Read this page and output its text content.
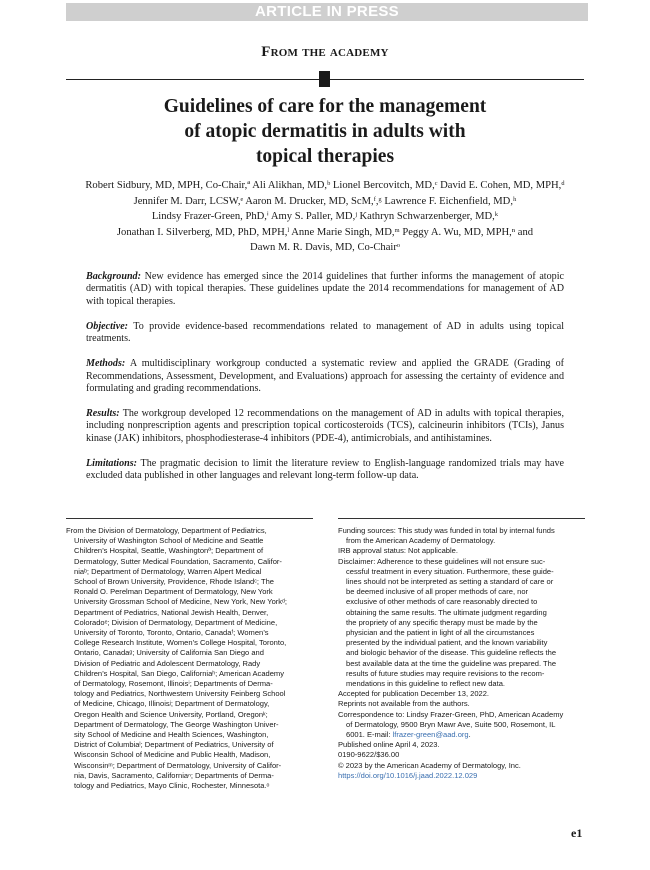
ARTICLE IN PRESS
From the academy
Guidelines of care for the management
of atopic dermatitis in adults with
topical therapies
Robert Sidbury, MD, MPH, Co-Chair,ª Ali Alikhan, MD,ᵇ Lionel Bercovitch, MD,ᶜ David E. Cohen, MD, MPH,ᵈ
Jennifer M. Darr, LCSW,ᵉ Aaron M. Drucker, MD, ScM,ᶠ,ᵍ Lawrence F. Eichenfield, MD,ʰ
Lindsy Frazer-Green, PhD,ⁱ Amy S. Paller, MD,ʲ Kathryn Schwarzenberger, MD,ᵏ
Jonathan I. Silverberg, MD, PhD, MPH,ˡ Anne Marie Singh, MD,ᵐ Peggy A. Wu, MD, MPH,ⁿ and
Dawn M. R. Davis, MD, Co-Chairᵒ

Background: New evidence has emerged since the 2014 guidelines that further informs the management of atopic dermatitis (AD) with topical therapies. These guidelines update the 2014 recommendations for management of AD with topical therapies.

Objective: To provide evidence-based recommendations related to management of AD in adults using topical treatments.

Methods: A multidisciplinary workgroup conducted a systematic review and applied the GRADE (Grading of Recommendations, Assessment, Development, and Evaluations) approach for assessing the certainty of evidence and formulating and grading recommendations.

Results: The workgroup developed 12 recommendations on the management of AD in adults with topical therapies, including nonprescription agents and prescription topical corticosteroids (TCS), calcineurin inhibitors (TCIs), Janus kinase (JAK) inhibitors, phosphodiesterase-4 inhibitors (PDE-4), antimicrobials, and antihistamines.

Limitations: The pragmatic decision to limit the literature review to English-language randomized trials may have excluded data published in other languages and relevant long-term follow-up data.

From the Division of Dermatology, Department of Pediatrics,
University of Washington School of Medicine and Seattle
Children’s Hospital, Seattle, Washingtonª; Department of
Dermatology, Sutter Medical Foundation, Sacramento, Califor-
niaᵇ; Department of Dermatology, Warren Alpert Medical
School of Brown University, Providence, Rhode Islandᶜ; The
Ronald O. Perelman Department of Dermatology, New York
University Grossman School of Medicine, New York, New Yorkᵈ;
Department of Pediatrics, National Jewish Health, Denver,
Coloradoᵉ; Division of Dermatology, Department of Medicine,
University of Toronto, Toronto, Ontario, Canadaᶠ; Women’s
College Research Institute, Women’s College Hospital, Toronto,
Ontario, Canadaᵍ; University of California San Diego and
Division of Pediatric and Adolescent Dermatology, Rady
Children’s Hospital, San Diego, Californiaʰ; American Academy
of Dermatology, Rosemont, Illinoisⁱ; Departments of Derma-
tology and Pediatrics, Northwestern University Feinberg School
of Medicine, Chicago, Illinoisʲ; Department of Dermatology,
Oregon Health and Science University, Portland, Oregonᵏ;
Department of Dermatology, The George Washington Univer-
sity School of Medicine and Health Sciences, Washington,
District of Columbiaˡ; Department of Pediatrics, University of
Wisconsin School of Medicine and Public Health, Madison,
Wisconsinᵐ; Department of Dermatology, University of Califor-
nia, Davis, Sacramento, Californiaⁿ; Departments of Derma-
tology and Pediatrics, Mayo Clinic, Rochester, Minnesota.ᵒ
Funding sources: This study was funded in total by internal funds
from the American Academy of Dermatology.
IRB approval status: Not applicable.
Disclaimer: Adherence to these guidelines will not ensure suc-
cessful treatment in every situation. Furthermore, these guide-
lines should not be interpreted as setting a standard of care or
be deemed inclusive of all proper methods of care, nor
exclusive of other methods of care reasonably directed to
obtaining the same results. The ultimate judgment regarding
the propriety of any specific therapy must be made by the
physician and the patient in light of all the circumstances
presented by the individual patient, and the known variability
and biologic behavior of the disease. This guideline reflects the
best available data at the time the guideline was prepared. The
results of future studies may require revisions to the recom-
mendations in this guideline to reflect new data.
Accepted for publication December 13, 2022.
Reprints not available from the authors.
Correspondence to: Lindsy Frazer-Green, PhD, American Academy
of Dermatology, 9500 Bryn Mawr Ave, Suite 500, Rosemont, IL
6001. E-mail: lfrazer-green@aad.org.
Published online April 4, 2023.
0190-9622/$36.00
© 2023 by the American Academy of Dermatology, Inc.
https://doi.org/10.1016/j.jaad.2022.12.029
e1
